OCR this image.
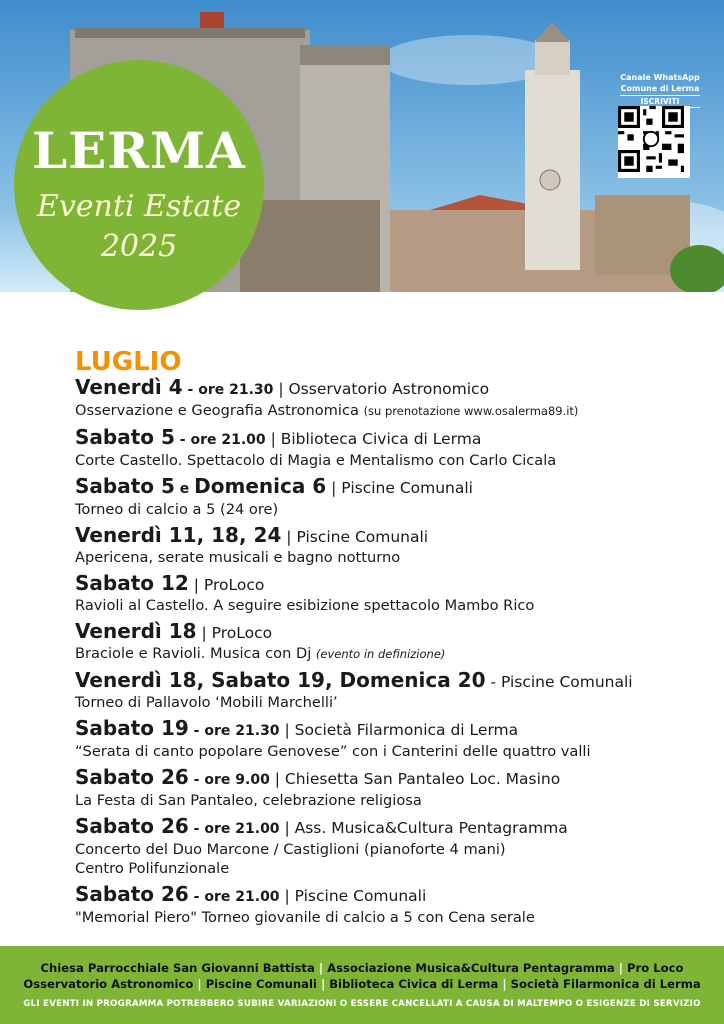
LERMA
Eventi Estate
2025
Canale WhatsApp
Comune di Lerma
ISCRIVITI
LUGLIO
Venerdì 4 - ore 21.30 | Osservatorio Astronomico
Osservazione e Geografia Astronomica (su prenotazione www.osalerma89.it)
Sabato 5 - ore 21.00 | Biblioteca Civica di Lerma
Corte Castello. Spettacolo di Magia e Mentalismo con Carlo Cicala
Sabato 5 e Domenica 6 | Piscine Comunali
Torneo di calcio a 5 (24 ore)
Venerdì 11, 18, 24 | Piscine Comunali
Apericena, serate musicali e bagno notturno
Sabato 12 | ProLoco
Ravioli al Castello. A seguire esibizione spettacolo Mambo Rico
Venerdì 18 | ProLoco
Braciole e Ravioli. Musica con Dj (evento in definizione)
Venerdì 18, Sabato 19, Domenica 20 - Piscine Comunali
Torneo di Pallavolo ‘Mobili Marchelli’
Sabato 19 - ore 21.30 | Società Filarmonica di Lerma
“Serata di canto popolare Genovese” con i Canterini delle quattro valli
Sabato 26 - ore 9.00 | Chiesetta San Pantaleo Loc. Masino
La Festa di San Pantaleo, celebrazione religiosa
Sabato 26 - ore 21.00 | Ass. Musica&Cultura Pentagramma
Concerto del Duo Marcone / Castiglioni (pianoforte 4 mani)
Centro Polifunzionale
Sabato 26 - ore 21.00 | Piscine Comunali
"Memorial Piero" Torneo giovanile di calcio a 5 con Cena serale
Chiesa Parrocchiale San Giovanni Battista | Associazione Musica&Cultura Pentagramma | Pro Loco
Osservatorio Astronomico | Piscine Comunali | Biblioteca Civica di Lerma | Società Filarmonica di Lerma
GLI EVENTI IN PROGRAMMA POTREBBERO SUBIRE VARIAZIONI O ESSERE CANCELLATI A CAUSA DI MALTEMPO O ESIGENZE DI SERVIZIO
